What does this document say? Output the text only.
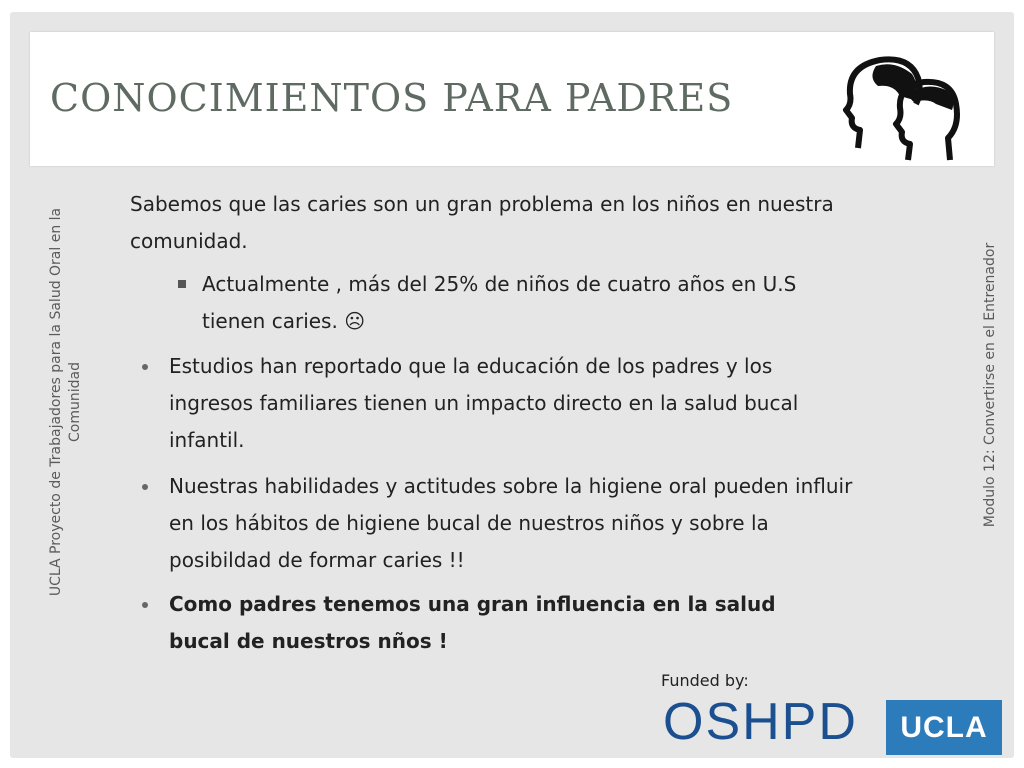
CONOCIMIENTOS PARA PADRES
UCLA Proyecto de Trabajadores para la Salud Oral en la Comunidad	Modulo 12: Convertirse en el Entrenador
Sabemos que las caries son un gran problema en los niños en nuestra comunidad.
Actualmente , más del 25% de niños de cuatro años en U.S tienen caries. ☹
Estudios han reportado que la educación de los padres y los ingresos familiares tienen un impacto directo en la salud bucal infantil.
Nuestras habilidades y actitudes sobre la higiene oral pueden influir en los hábitos de higiene bucal de nuestros niños y sobre la posibildad de formar caries !!
Como padres tenemos una gran influencia en la salud bucal de nuestros nños !
Funded by:
OSHPD UCLA
